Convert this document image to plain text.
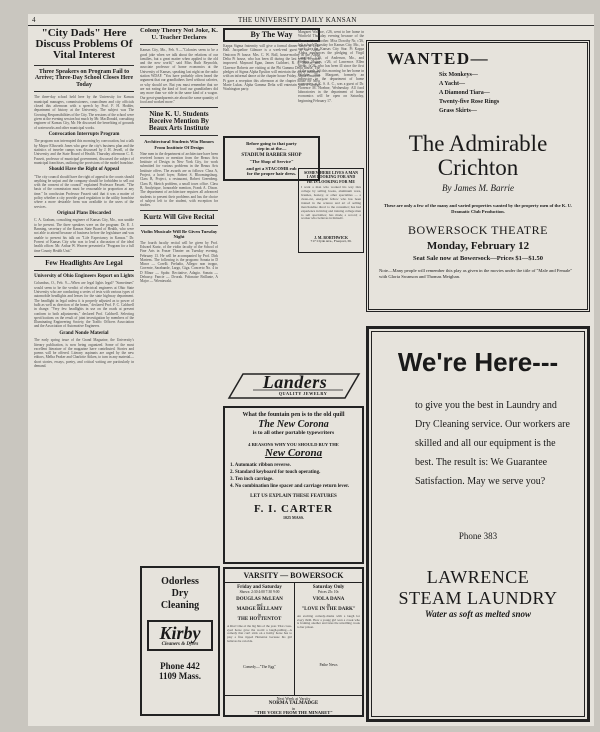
4	THE UNIVERSITY DAILY KANSAN
"City Dads" Here Discuss Problems Of Vital Interest
Three Speakers on Program Fail to Arrive; Three-Day School Closes Here Today
The three-day school held here by the University for Kansas municipal managers, commissioners, councilmen and city officials closed this afternoon with a speech by Prof. F. H. Hodder, department of history at the University. The subject was The Growing Responsibilities of the City. The sessions of the school were given at the evening session but much by Mr. MacDonald, consulting engineer of Kansas City, Mr. He discussed the benefiting of grounds of waterworks and other municipal works.
Convocation Interrupts Program
The program was interrupted this morning by convocation, but a talk by Mayor Ellsworth Jones who gave the city's business plan and the statistics of traveler camps was discussed by J. H. Jewell, of the University and the State Board of Health. Thursday afternoon C. E. Fassett, professor of municipal government, discussed the subject of municipal franchises, outlining the provisions of the model franchise.
Should Have the Right of Appeal
"The city council should have the right of appeal to the courts should anything be unjust and the company should be forbidden to sell out with the consent of the council" explained Professor Fassett. "The basis of the commission must be reasonable in proportion at any time." In conclusion Professor Fassett said that it was a matter of policy whether a city provide good regulation to the utility franchise where a more desirable form was available to the users of the services.
Original Plans Discarded
C. A. Graham, consulting engineer of Kansas City, Mo., was unable to be present. The three speakers were on the program: Dr. E. J. Banning, secretary of the Kansas State Board of Health, who were not able to attend because of business before the legislature and was unable to present his talk on "Life Expectancy in Kansas." Dr. Forrest of Kansas City who was to lead a discussion of the ideal health officer. Mr. Arthur W. Weaver presented a "Program for a full time County Health Unit."
Few Headlights Are Legal
University of Ohio Engineers Report on Lights
Columbus, O., Feb. 9.—When are legal lights legal? "Sometimes" would seem to be the verdict of electrical engineers at Ohio State University who are conducting a series of tests with various types of automobile headlights and lenses for the state highway department. The headlight in legal unless it is properly adjusted as to power of bulb as well as direction of the beam," declared Prof. F. C. Caldwell in charge. "Very few headlights in use on the roads at present conform to both adjustments," declared Prof. Caldwell. Selecting specifications on the result of joint investigation by members of the Illuminating Engineering Society, the Traffic Officers Association and the Association of Automotive Engineers.
Grand Nonde Material
The early spring issue of the Grand Magazine, the University's literary publication, is now being organized. Some of the most excellent literature of the magazine have contributed. Stories and poems will be offered. Literary aspirants are urged by the new editors, Melba Peaker and Charlotte Aitken, to turn in any material—short stories, essays, poetry, and critical writing are particularly in demand.
Colony Theory Not Joke, K. U. Teacher Declares
Kansas City, Mo., Feb. 9.—"Colonies seem to be a good joke when we talk about the relations of our families, but a great matter when applied to the old and the new world," said Miss Ruth Reynolds, associate professor of home economics at the University of Kansas, speaking last night on the radio station WDAF. "You have probably often heard the argument that our grandfathers lived without calories, or why should we. But you must remember that we are not eating the kind of food our grandfathers did any more than we ride in the same kind of a wagon. Our great-grandparents ate about the same quantity of food and worked more."
Nine K. U. Students Receive Mention By Beaux Arts Institute
Architectural Students Win Honors From Institute Of Design
Nine men in the department of architecture have been received honors or mention from the Beaux Arts Institute of Design in New York City, for work submitted for various problems in the Beaux Arts Institute offers. The awards are as follows: Class A, Project, a hotel foyer, Robert S. Bloomingsburg. Class B, Project, a restaurant, Robert Greenberg. Class B, Sketch problem, a small town office. Class B, Analytique, honorable mention, Frank A. Dixon. The department of architecture requires all advanced students to present their problems and has the choice of subject left to the student, with exception for studies.
Kurtz Will Give Recital
Violin Musicale Will Be Given Tuesday Night
The fourth faculty recital will be given by Prof. Edward Kurtz, of the violin faculty of the School of Fine Arts in Fraser Theater on Tuesday evening, February 13. He will be accompanied by Prof. Dirk Martens. The following is the program: Sonata in D Minor — Corelli. Preludio, Allegro non troppo, Corrente, Sarabande, Largo, Giga. Concerto No. 4 in D Minor — Spohr. Recitative, Adagio. Sonata — Debussy. Fancie — Dvorak. Polonaise Brillante, A Major — Wieniawski.
By The Way
Kappa Sigma fraternity will give a formal dinner dance at Ecke Hall. Jacqueline Gilmore is a week-end guest at the Alpha Omicron Pi house. Mrs. C. W. Boll, house-mother at the Alpha Delta Pi house, who has been ill during the last week, is much improved. Maynard Egan, James Cuthbert, R. A. Mercer and Clarence Roberts are visiting at the Phi Gamma Delta house. The pledges of Sigma Alpha Epsilon will entertain the active members with an informal dance at the chapter house Friday. Alpha Omicron Pi gave a reception this afternoon at the chapter house for Miss Marie Lukas. Alpha Gamma Delta will entertain with a George Washington party.
Before going to that party
step in at the—
STADIUM BARBER SHOP
"The Shop of Service"
and get a STACOMB rub
for the proper hair dress.
Margaret Wallace, c'26, went to her home in Winfield Thursday evening because of the illness of her mother. Miss Dorothy Nr, c'26, left school Thursday for Kansas City, Mo., to work for the Kansas City Star. Pi Kappa Alpha announces the pledging of Virgil Langford, c'26, of Anderson, Mo., and Webber Haines, c'26, of Lawrence. Ellen Webb, fa'26, who has been ill since the first of the week, left this morning for her home in Wichita. Mrs. Margaret, formerly an instructor in the department of home economics at K. S. A. C., was a guest of Dr. Florence M. Hoehne, Wednesday. All food laboratories in the department of home economics will be open on Saturday, beginning February 17.
SOMEWHERE LIVES A MAN
I AM LOOKING FOR AND
HE IS LOOKING FOR ME
I want a man who worked his way thru college by selling books, aluminum ware, brushes, hosiery, or other specialties — a clean-cut, energetic fellow who has been trained in the science and art of selling merchandise direct to the consumer; has had experience in hiring and training college men to sell specialties; has made a record; a worker who believes in himself.
J. M. BORTHWICK
717 Clyde Ave., Freeport, Ill.
Landers
QUALITY JEWELRY
What the fountain pen is to the old quill
The New Corona
is to all other portable typewriters
4 REASONS WHY YOU SHOULD BUY THE
New Corona
1. Automatic ribbon reverse.
2. Standard keyboard for touch operating.
3. Ten inch carriage.
4. No combination line spacer and carriage return lever.
LET US EXPLAIN THESE FEATURES
F. I. CARTER
1025 MASS.
Odorless
Dry
Cleaning
Kirby
Cleaners & Dyers
Phone 442
1109 Mass.
VARSITY — BOWERSOCK
Friday and Saturday
Shows: 2:30 4:00 7:30 9:00
DOUGLAS McLEAN
and
MADGE BELLAMY
in
THE HOTTENTOT
A Riot! One of the big hits of the year. That cross-eyed horse gave the world a laugh-pulling—A comedy that can't stick on a hobby horse has to play a fine tipped Hottentot because his girl believes he can ride.
Comedy—"The Egg"
Saturday Only
Prices 25c 10c
VIOLA DANA
in
"LOVE IN THE DARK"
An exciting comedy-drama with a laugh for every thrill. How a young girl won a crook who is framing another and fates the unwilling crook to her prison.
Pathe News
Next Week at Varsity
NORMA TALMADGE
in
"THE VOICE FROM THE MINARET"
WANTED—
Six Monkeys—
A Yacht—
A Diamond Tiara—
Twenty-five Rose Rings
Grass Skirts—
The Admirable
Crichton
By James M. Barrie
These are only a few of the many and varied properties wanted by the property men of the K. U. Dramatic Club Production.
BOWERSOCK THEATRE
Monday, February 12
Seat Sale now at Bowersock—Prices $1—$1.50
Note—Many people will remember this play as given in the movies under the title of "Male and Female" with Gloria Swanson and Thomas Meighan.
We're Here---
to give you the best in Laundry and Dry Cleaning service. Our workers are skilled and all our equipment is the best. The result is: We Guarantee Satisfaction. May we serve you?
Phone 383
LAWRENCE
STEAM LAUNDRY
Water as soft as melted snow
